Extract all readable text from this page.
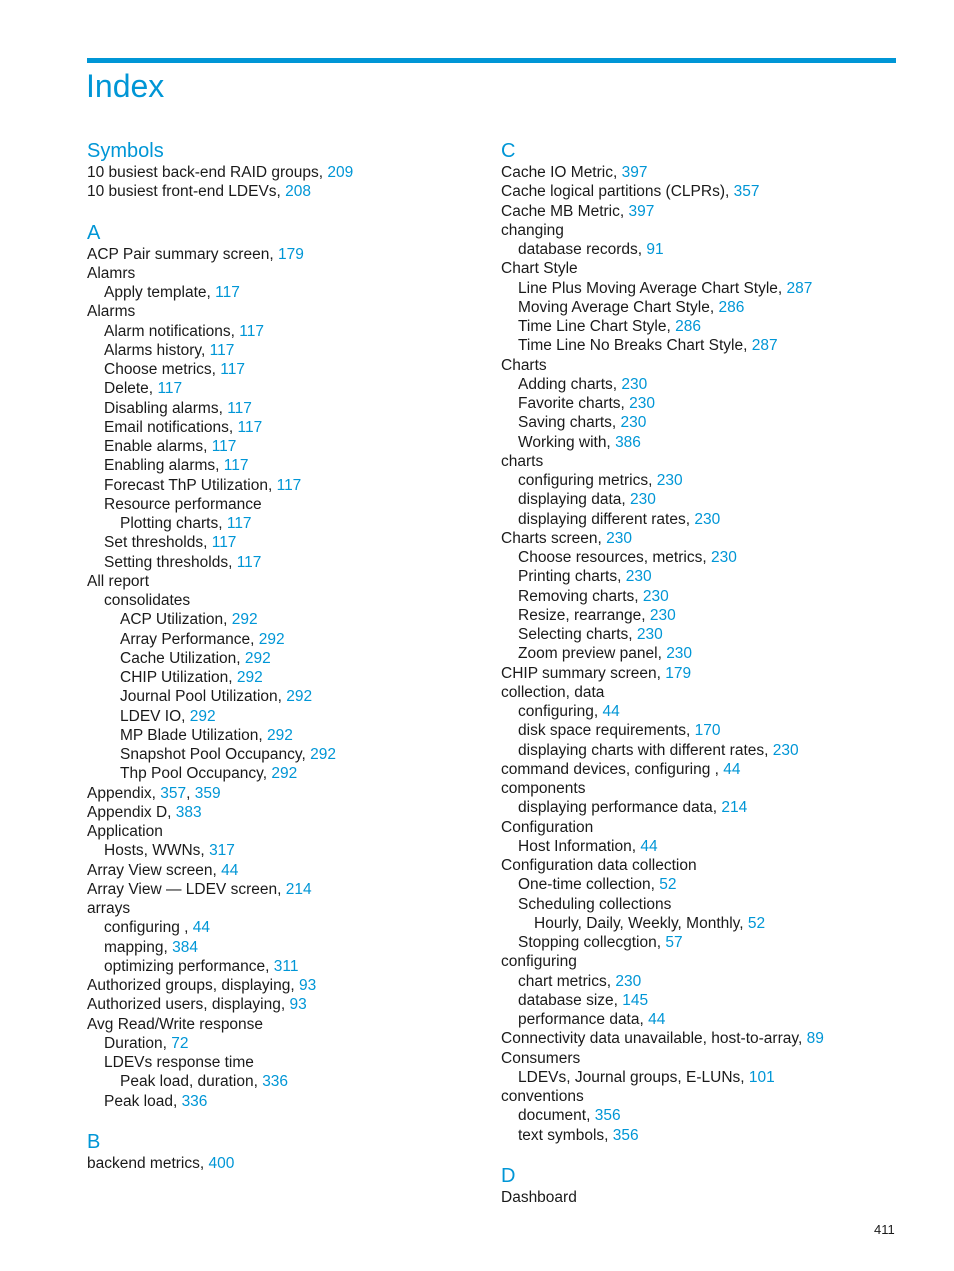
Index
Symbols
10 busiest back-end RAID groups, 209
10 busiest front-end LDEVs, 208
A
ACP Pair summary screen, 179
Alamrs
Apply template, 117
Alarms
Alarm notifications, 117
Alarms history, 117
Choose metrics, 117
Delete, 117
Disabling alarms, 117
Email notifications, 117
Enable alarms, 117
Enabling alarms, 117
Forecast ThP Utilization, 117
Resource performance
Plotting charts, 117
Set thresholds, 117
Setting thresholds, 117
All report
consolidates
ACP Utilization, 292
Array Performance, 292
Cache Utilization, 292
CHIP Utilization, 292
Journal Pool Utilization, 292
LDEV IO, 292
MP Blade Utilization, 292
Snapshot Pool Occupancy, 292
Thp Pool Occupancy, 292
Appendix, 357, 359
Appendix D, 383
Application
Hosts, WWNs, 317
Array View screen, 44
Array View — LDEV screen, 214
arrays
configuring , 44
mapping, 384
optimizing performance, 311
Authorized groups, displaying, 93
Authorized users, displaying, 93
Avg Read/Write response
Duration, 72
LDEVs response time
Peak load, duration, 336
Peak load, 336
B
backend metrics, 400
C
Cache IO Metric, 397
Cache logical partitions (CLPRs), 357
Cache MB Metric, 397
changing
database records, 91
Chart Style
Line Plus Moving Average Chart Style, 287
Moving Average Chart Style, 286
Time Line Chart Style, 286
Time Line No Breaks Chart Style, 287
Charts
Adding charts, 230
Favorite charts, 230
Saving charts, 230
Working with, 386
charts
configuring metrics, 230
displaying data, 230
displaying different rates, 230
Charts screen, 230
Choose resources, metrics, 230
Printing charts, 230
Removing charts, 230
Resize, rearrange, 230
Selecting charts, 230
Zoom preview panel, 230
CHIP summary screen, 179
collection, data
configuring, 44
disk space requirements, 170
displaying charts with different rates, 230
command devices, configuring , 44
components
displaying performance data, 214
Configuration
Host Information, 44
Configuration data collection
One-time collection, 52
Scheduling collections
Hourly, Daily, Weekly, Monthly, 52
Stopping collecgtion, 57
configuring
chart metrics, 230
database size, 145
performance data, 44
Connectivity data unavailable, host-to-array, 89
Consumers
LDEVs, Journal groups, E-LUNs, 101
conventions
document, 356
text symbols, 356
D
Dashboard
411
